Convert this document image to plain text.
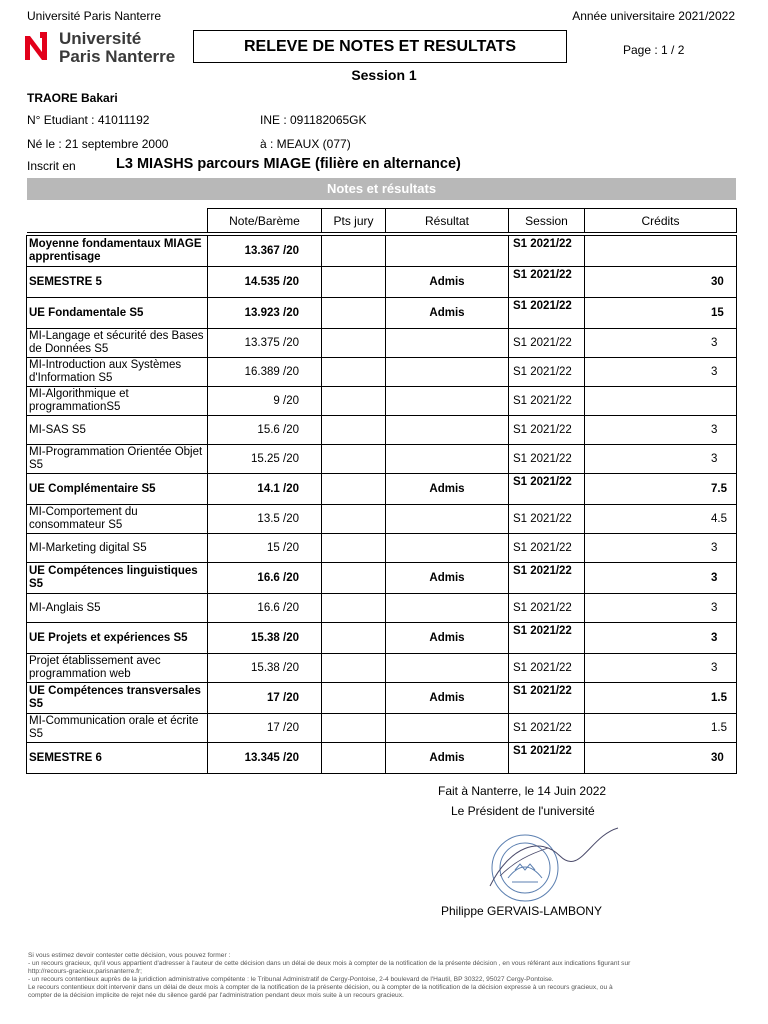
Université Paris Nanterre	Année universitaire 2021/2022
Université
Paris Nanterre
RELEVE DE NOTES ET RESULTATS	Page : 1 / 2
Session 1
TRAORE Bakari
N° Etudiant : 41011192	INE : 091182065GK
Né le : 21 septembre 2000	à : MEAUX (077)
Inscrit en	L3 MIASHS parcours MIAGE (filière en alternance)
Notes et résultats
	Note/Barème	Pts jury	Résultat	Session	Crédits

Moyenne fondamentaux MIAGE apprentisage	13.367 /20			S1 2021/22	
SEMESTRE 5	14.535 /20		Admis	S1 2021/22	30
UE Fondamentale S5	13.923 /20		Admis	S1 2021/22	15
MI-Langage et sécurité des Bases de Données S5	13.375 /20			S1 2021/22	3
MI-Introduction aux Systèmes d'Information S5	16.389 /20			S1 2021/22	3
MI-Algorithmique et programmationS5	9 /20			S1 2021/22	
MI-SAS S5	15.6 /20			S1 2021/22	3
MI-Programmation Orientée Objet S5	15.25 /20			S1 2021/22	3
UE Complémentaire S5	14.1 /20		Admis	S1 2021/22	7.5
MI-Comportement du consommateur S5	13.5 /20			S1 2021/22	4.5
MI-Marketing digital S5	15 /20			S1 2021/22	3
UE Compétences linguistiques S5	16.6 /20		Admis	S1 2021/22	3
MI-Anglais S5	16.6 /20			S1 2021/22	3
UE Projets et expériences S5	15.38 /20		Admis	S1 2021/22	3
Projet établissement avec programmation web	15.38 /20			S1 2021/22	3
UE Compétences transversales S5	17 /20		Admis	S1 2021/22	1.5
MI-Communication orale et écrite S5	17 /20			S1 2021/22	1.5
SEMESTRE 6	13.345 /20		Admis	S1 2021/22	30
Fait à Nanterre, le 14 Juin 2022
Le Président de l'université
Philippe GERVAIS-LAMBONY
Si vous estimez devoir contester cette décision, vous pouvez former :
- un recours gracieux, qu'il vous appartient d'adresser à l'auteur de cette décision dans un délai de deux mois à compter de la notification de la présente décision , en vous référant aux indications figurant sur
http://recours-gracieux.parisnanterre.fr;
- un recours contentieux auprès de la juridiction administrative compétente : le Tribunal Administratif de Cergy-Pontoise, 2-4 boulevard de l'Hautil, BP 30322, 95027 Cergy-Pontoise.
Le recours contentieux doit intervenir dans un délai de deux mois à compter de la notification de la présente décision, ou à compter de la notification de la décision expresse à un recours gracieux, ou à
compter de la décision implicite de rejet née du silence gardé par l'administration pendant deux mois suite à un recours gracieux.
